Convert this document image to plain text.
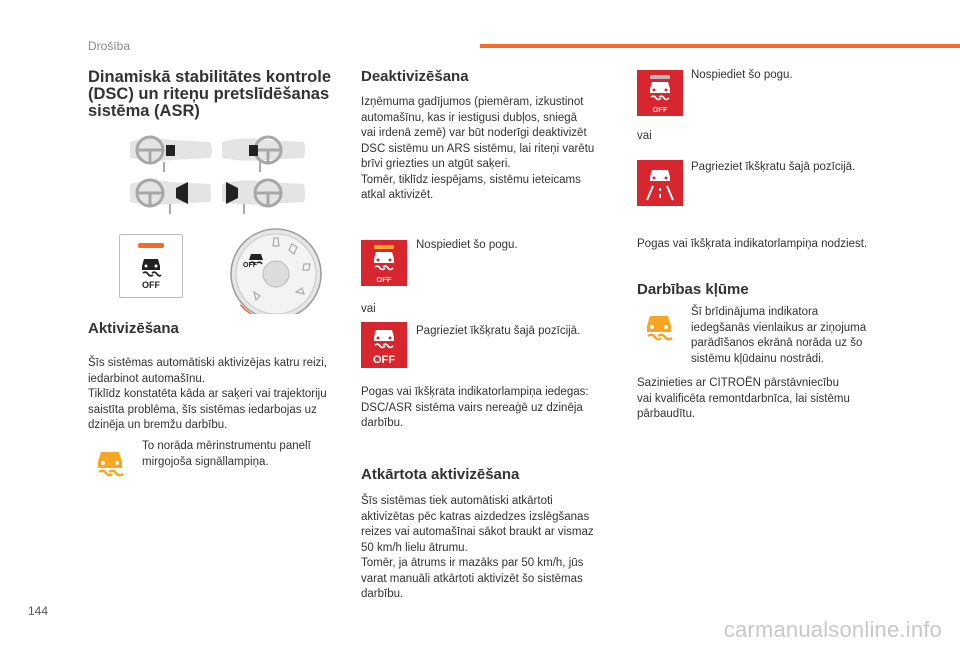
Drošība
Dinamiskā stabilitātes kontrole (DSC) un riteņu pretslīdēšanas sistēma (ASR)
OFF
OFF
Aktivizēšana

Šīs sistēmas automātiski aktivizējas katru reizi,

iedarbinot automašīnu.

Tiklīdz konstatēta kāda ar saķeri vai trajektoriju

saistīta problēma, šīs sistēmas iedarbojas uz

dzinēja un bremžu darbību.

To norāda mērinstrumentu panelī

mirgojoša signāllampiņa.

Deaktivizēšana

Izņēmuma gadījumos (piemēram, izkustinot

automašīnu, kas ir iestigusi dubļos, sniegā

vai irdenā zemē) var būt noderīgi deaktivizēt

DSC sistēmu un ARS sistēmu, lai riteņi varētu

brīvi griezties un atgūt saķeri.

Tomēr, tiklīdz iespējams, sistēmu ieteicams

atkal aktivizēt.

OFF

Nospiediet šo pogu.

vai

OFF

Pagrieziet īkšķratu šajā pozīcijā.

Pogas vai īkšķrata indikatorlampiņa iedegas:

DSC/ASR sistēma vairs nereaģē uz dzinēja

darbību.

Atkārtota aktivizēšana

Šīs sistēmas tiek automātiski atkārtoti

aktivizētas pēc katras aizdedzes izslēgšanas

reizes vai automašīnai sākot braukt ar vismaz

50 km/h lielu ātrumu.

Tomēr, ja ātrums ir mazāks par 50 km/h, jūs

varat manuāli atkārtoti aktivizēt šo sistēmas

darbību.

OFF

Nospiediet šo pogu.

vai

Pagrieziet īkšķratu šajā pozīcijā.

Pogas vai īkšķrata indikatorlampiņa nodziest.

Darbības kļūme

Šī brīdinājuma indikatora

iedegšanās vienlaikus ar ziņojuma

parādīšanos ekrānā norāda uz šo

sistēmu kļūdainu nostrādi.

Sazinieties ar CITROËN pārstāvniecību

vai kvalificēta remontdarbnīca, lai sistēmu

pārbaudītu.

144
carmanualsonline.info
